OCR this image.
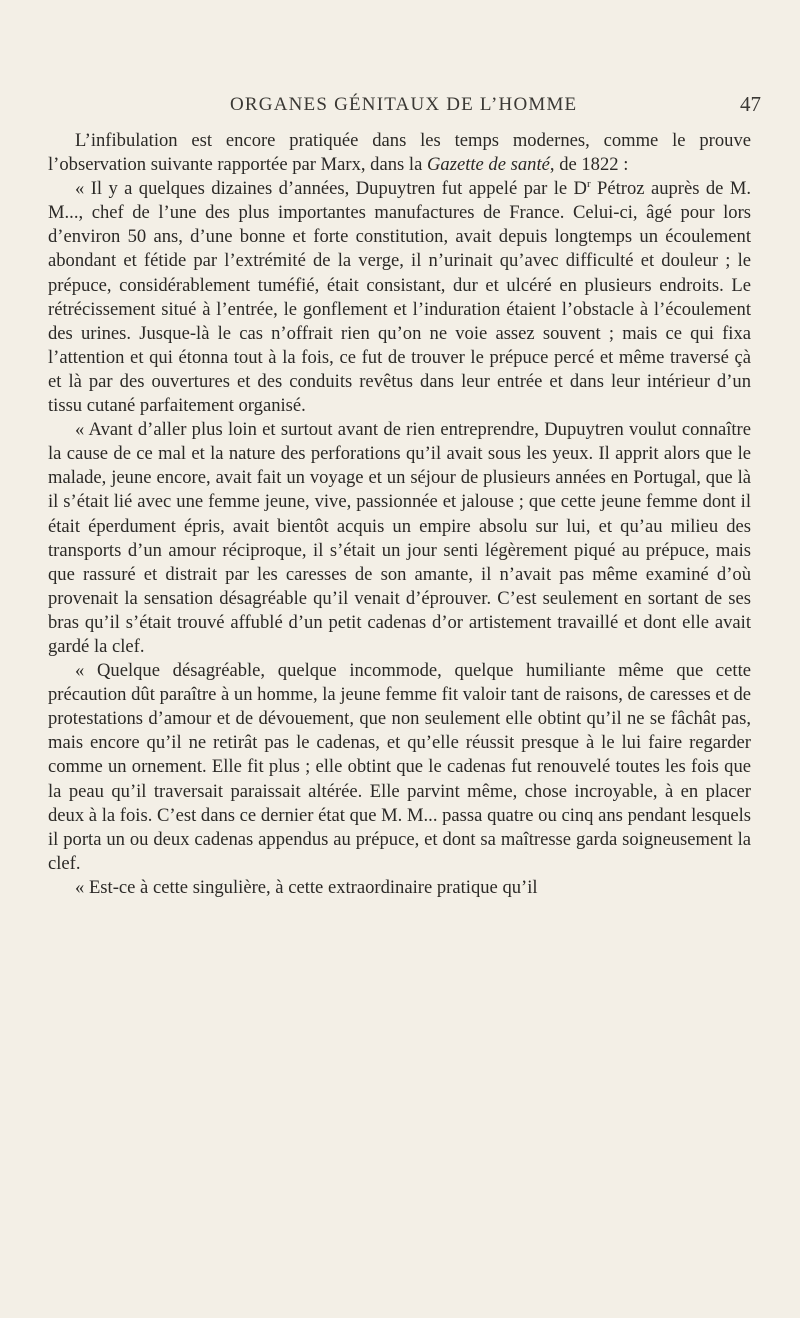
ORGANES GÉNITAUX DE L’HOMME	47

L’infibulation est encore pratiquée dans les temps modernes, comme le prouve l’observation suivante rapportée par Marx, dans la Gazette de santé, de 1822 :

« Il y a quelques dizaines d’années, Dupuytren fut appelé par le $D^r$ Pétroz auprès de M. M..., chef de l’une des plus importantes manufactures de France. Celui-ci, âgé pour lors d’environ 50 ans, d’une bonne et forte constitution, avait depuis longtemps un écoulement abondant et fétide par l’extrémité de la verge, il n’urinait qu’avec difficulté et douleur ; le prépuce, considérablement tuméfié, était consistant, dur et ulcéré en plusieurs endroits. Le rétrécissement situé à l’entrée, le gonflement et l’induration étaient l’obstacle à l’écoulement des urines. Jusque-là le cas n’offrait rien qu’on ne voie assez souvent ; mais ce qui fixa l’attention et qui étonna tout à la fois, ce fut de trouver le prépuce percé et même traversé çà et là par des ouvertures et des conduits revêtus dans leur entrée et dans leur intérieur d’un tissu cutané parfaitement organisé.

« Avant d’aller plus loin et surtout avant de rien entreprendre, Dupuytren voulut connaître la cause de ce mal et la nature des perforations qu’il avait sous les yeux. Il apprit alors que le malade, jeune encore, avait fait un voyage et un séjour de plusieurs années en Portugal, que là il s’était lié avec une femme jeune, vive, passionnée et jalouse ; que cette jeune femme dont il était éperdument épris, avait bientôt acquis un empire absolu sur lui, et qu’au milieu des transports d’un amour réciproque, il s’était un jour senti légèrement piqué au prépuce, mais que rassuré et distrait par les caresses de son amante, il n’avait pas même examiné d’où provenait la sensation désagréable qu’il venait d’éprouver. C’est seulement en sortant de ses bras qu’il s’était trouvé affublé d’un petit cadenas d’or artistement travaillé et dont elle avait gardé la clef.

« Quelque désagréable, quelque incommode, quelque humiliante même que cette précaution dût paraître à un homme, la jeune femme fit valoir tant de raisons, de caresses et de protestations d’amour et de dévouement, que non seulement elle obtint qu’il ne se fâchât pas, mais encore qu’il ne retirât pas le cadenas, et qu’elle réussit presque à le lui faire regarder comme un ornement. Elle fit plus ; elle obtint que le cadenas fut renouvelé toutes les fois que la peau qu’il traversait paraissait altérée. Elle parvint même, chose incroyable, à en placer deux à la fois. C’est dans ce dernier état que M. M... passa quatre ou cinq ans pendant lesquels il porta un ou deux cadenas appendus au prépuce, et dont sa maîtresse garda soigneusement la clef.

« Est-ce à cette singulière, à cette extraordinaire pratique qu’il
